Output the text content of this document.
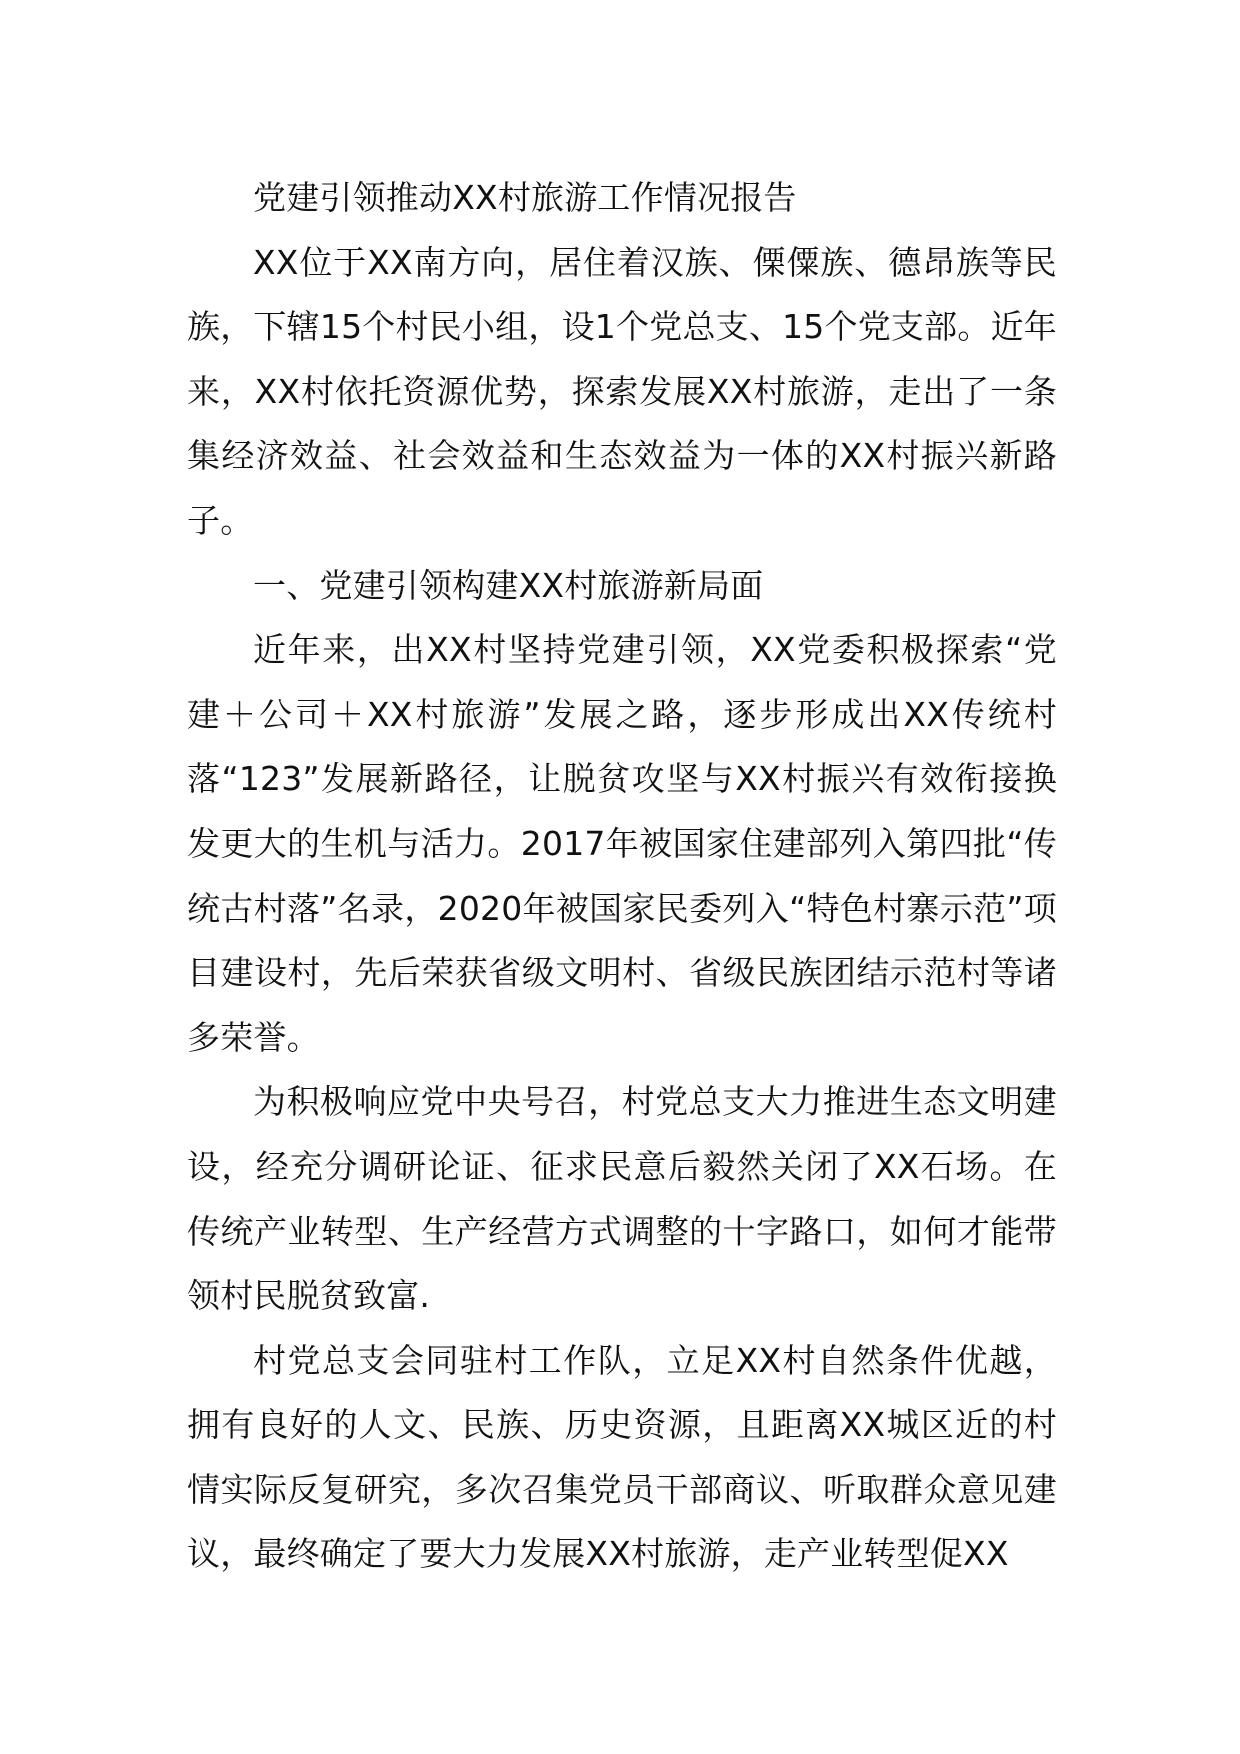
党建引领推动XX村旅游工作情况报告

XX位于XX南方向，居住着汉族、傈僳族、德昂族等民族，下辖15个村民小组，设1个党总支、15个党支部。近年来，XX村依托资源优势，探索发展XX村旅游，走出了一条集经济效益、社会效益和生态效益为一体的XX村振兴新路子。

一、党建引领构建XX村旅游新局面

近年来，出XX村坚持党建引领，XX党委积极探索“党建＋公司＋XX村旅游”发展之路，逐步形成出XX传统村落“123”发展新路径，让脱贫攻坚与XX村振兴有效衔接换发更大的生机与活力。2017年被国家住建部列入第四批“传统古村落”名录，2020年被国家民委列入“特色村寨示范”项目建设村，先后荣获省级文明村、省级民族团结示范村等诸多荣誉。

为积极响应党中央号召，村党总支大力推进生态文明建设，经充分调研论证、征求民意后毅然关闭了XX石场。在传统产业转型、生产经营方式调整的十字路口，如何才能带领村民脱贫致富.

村党总支会同驻村工作队，立足XX村自然条件优越，拥有良好的人文、民族、历史资源，且距离XX城区近的村情实际反复研究，多次召集党员干部商议、听取群众意见建议，最终确定了要大力发展XX村旅游，走产业转型促XX
